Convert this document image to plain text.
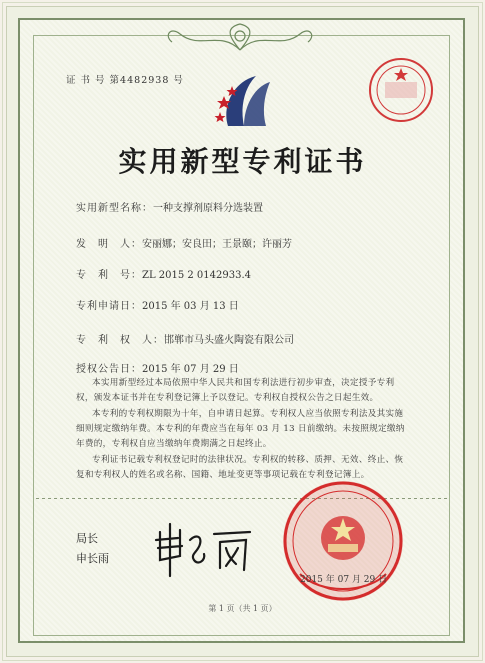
证 书 号 第4482938 号
实用新型专利证书
实用新型名称：一种支撑剂原料分选装置
发　明　人：安丽娜；安良田；王景颐；许丽芳
专　利　号：ZL 2015 2 0142933.4
专利申请日：2015 年 03 月 13 日
专　利　权　人：邯郸市马头盛火陶瓷有限公司
授权公告日：2015 年 07 月 29 日
本实用新型经过本局依照中华人民共和国专利法进行初步审查，决定授予专利权，颁发本证书并在专利登记簿上予以登记。专利权自授权公告之日起生效。
本专利的专利权期限为十年，自申请日起算。专利权人应当依照专利法及其实施细则规定缴纳年费。本专利的年费应当在每年 03 月 13 日前缴纳。未按照规定缴纳年费的，专利权自应当缴纳年费期满之日起终止。
专利证书记载专利权登记时的法律状况。专利权的转移、质押、无效、终止、恢复和专利权人的姓名或名称、国籍、地址变更等事项记载在专利登记簿上。
局长
申长雨
2015 年 07 月 29 日
第 1 页（共 1 页）
